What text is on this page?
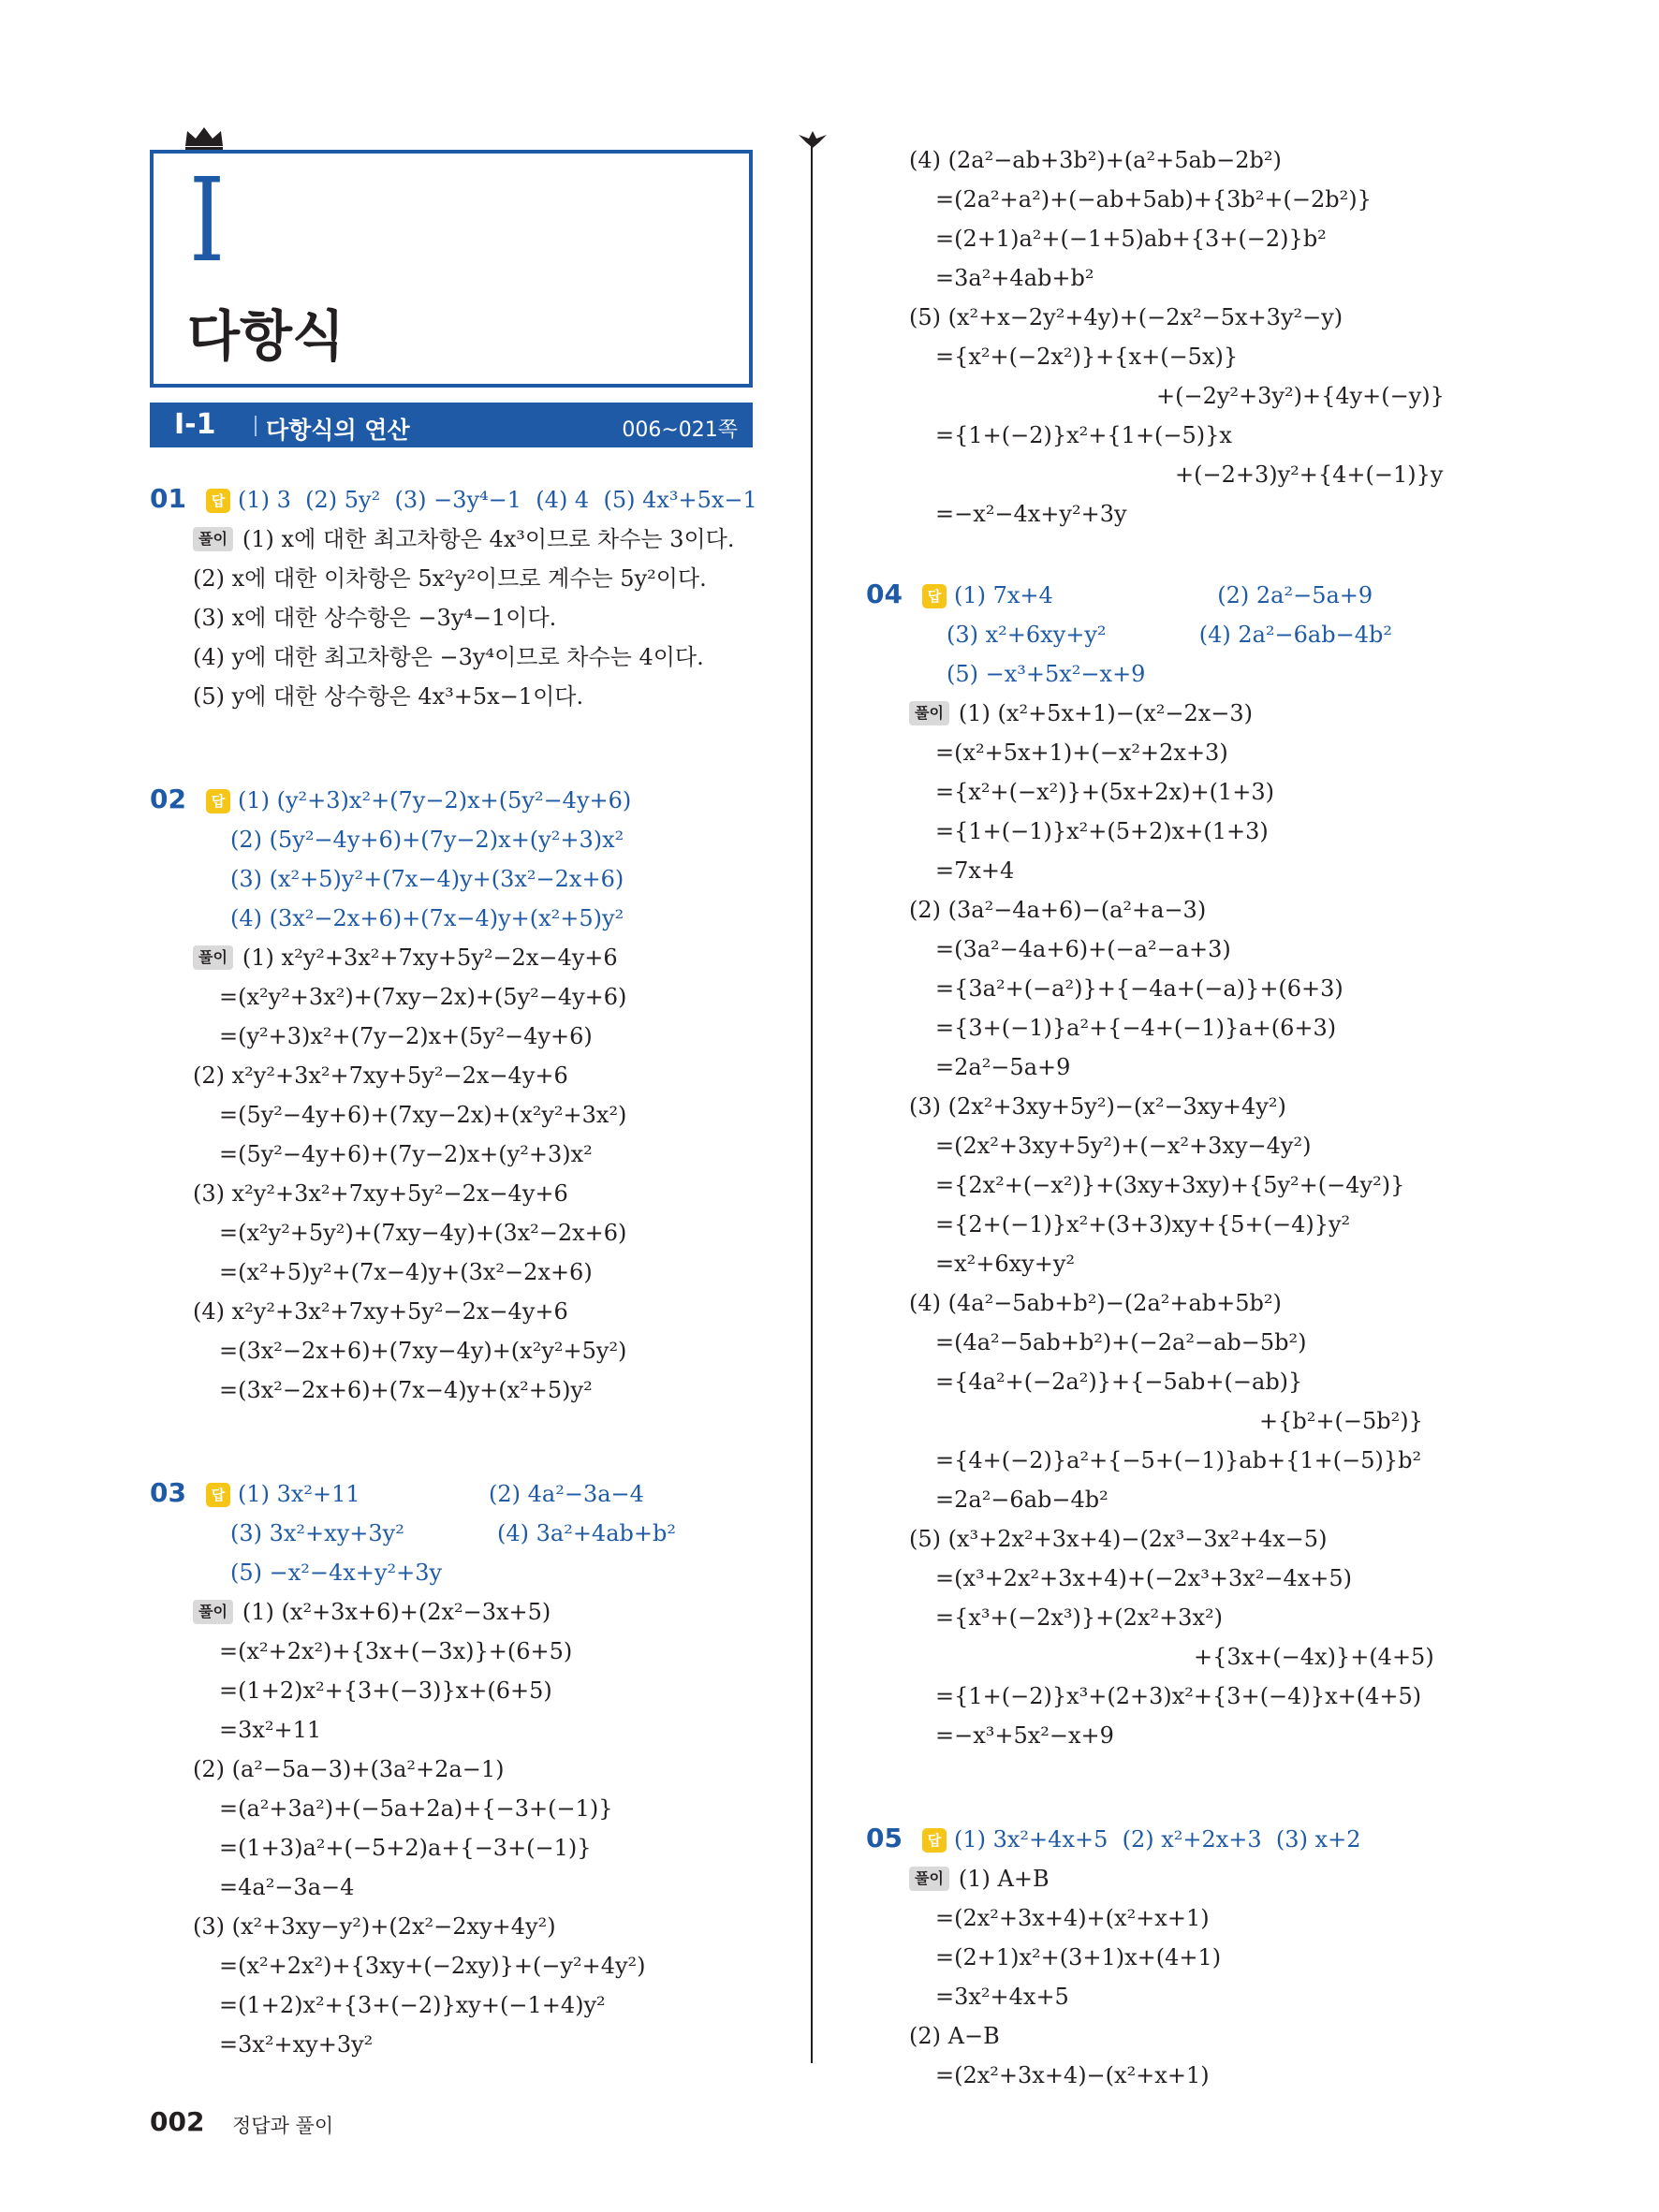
I
다항식
I-1 다항식의 연산	006~021쪽
01 답 (1) 3  (2) 5y²  (3) −3y⁴−1  (4) 4  (5) 4x³+5x−1
풀이 (1) x에 대한 최고차항은 4x³이므로 차수는 3이다.
(2) x에 대한 이차항은 5x²y²이므로 계수는 5y²이다.
(3) x에 대한 상수항은 −3y⁴−1이다.
(4) y에 대한 최고차항은 −3y⁴이므로 차수는 4이다.
(5) y에 대한 상수항은 4x³+5x−1이다.
02 답 (1) (y²+3)x²+(7y−2)x+(5y²−4y+6)
(2) (5y²−4y+6)+(7y−2)x+(y²+3)x²
(3) (x²+5)y²+(7x−4)y+(3x²−2x+6)
(4) (3x²−2x+6)+(7x−4)y+(x²+5)y²
풀이 (1) x²y²+3x²+7xy+5y²−2x−4y+6
=(x²y²+3x²)+(7xy−2x)+(5y²−4y+6)
=(y²+3)x²+(7y−2)x+(5y²−4y+6)
(2) x²y²+3x²+7xy+5y²−2x−4y+6
=(5y²−4y+6)+(7xy−2x)+(x²y²+3x²)
=(5y²−4y+6)+(7y−2)x+(y²+3)x²
(3) x²y²+3x²+7xy+5y²−2x−4y+6
=(x²y²+5y²)+(7xy−4y)+(3x²−2x+6)
=(x²+5)y²+(7x−4)y+(3x²−2x+6)
(4) x²y²+3x²+7xy+5y²−2x−4y+6
=(3x²−2x+6)+(7xy−4y)+(x²y²+5y²)
=(3x²−2x+6)+(7x−4)y+(x²+5)y²
03 답 (1) 3x²+11                  (2) 4a²−3a−4
(3) 3x²+xy+3y²             (4) 3a²+4ab+b²
(5) −x²−4x+y²+3y
풀이 (1) (x²+3x+6)+(2x²−3x+5)
=(x²+2x²)+{3x+(−3x)}+(6+5)
=(1+2)x²+{3+(−3)}x+(6+5)
=3x²+11
(2) (a²−5a−3)+(3a²+2a−1)
=(a²+3a²)+(−5a+2a)+{−3+(−1)}
=(1+3)a²+(−5+2)a+{−3+(−1)}
=4a²−3a−4
(3) (x²+3xy−y²)+(2x²−2xy+4y²)
=(x²+2x²)+{3xy+(−2xy)}+(−y²+4y²)
=(1+2)x²+{3+(−2)}xy+(−1+4)y²
=3x²+xy+3y²
(4) (2a²−ab+3b²)+(a²+5ab−2b²)
=(2a²+a²)+(−ab+5ab)+{3b²+(−2b²)}
=(2+1)a²+(−1+5)ab+{3+(−2)}b²
=3a²+4ab+b²
(5) (x²+x−2y²+4y)+(−2x²−5x+3y²−y)
={x²+(−2x²)}+{x+(−5x)}
+(−2y²+3y²)+{4y+(−y)}
={1+(−2)}x²+{1+(−5)}x
+(−2+3)y²+{4+(−1)}y
=−x²−4x+y²+3y
04 답 (1) 7x+4                       (2) 2a²−5a+9
(3) x²+6xy+y²             (4) 2a²−6ab−4b²
(5) −x³+5x²−x+9
풀이 (1) (x²+5x+1)−(x²−2x−3)
=(x²+5x+1)+(−x²+2x+3)
={x²+(−x²)}+(5x+2x)+(1+3)
={1+(−1)}x²+(5+2)x+(1+3)
=7x+4
(2) (3a²−4a+6)−(a²+a−3)
=(3a²−4a+6)+(−a²−a+3)
={3a²+(−a²)}+{−4a+(−a)}+(6+3)
={3+(−1)}a²+{−4+(−1)}a+(6+3)
=2a²−5a+9
(3) (2x²+3xy+5y²)−(x²−3xy+4y²)
=(2x²+3xy+5y²)+(−x²+3xy−4y²)
={2x²+(−x²)}+(3xy+3xy)+{5y²+(−4y²)}
={2+(−1)}x²+(3+3)xy+{5+(−4)}y²
=x²+6xy+y²
(4) (4a²−5ab+b²)−(2a²+ab+5b²)
=(4a²−5ab+b²)+(−2a²−ab−5b²)
={4a²+(−2a²)}+{−5ab+(−ab)}
+{b²+(−5b²)}
={4+(−2)}a²+{−5+(−1)}ab+{1+(−5)}b²
=2a²−6ab−4b²
(5) (x³+2x²+3x+4)−(2x³−3x²+4x−5)
=(x³+2x²+3x+4)+(−2x³+3x²−4x+5)
={x³+(−2x³)}+(2x²+3x²)
+{3x+(−4x)}+(4+5)
={1+(−2)}x³+(2+3)x²+{3+(−4)}x+(4+5)
=−x³+5x²−x+9
05 답 (1) 3x²+4x+5  (2) x²+2x+3  (3) x+2
풀이 (1) A+B
=(2x²+3x+4)+(x²+x+1)
=(2+1)x²+(3+1)x+(4+1)
=3x²+4x+5
(2) A−B
=(2x²+3x+4)−(x²+x+1)
002 정답과 풀이
